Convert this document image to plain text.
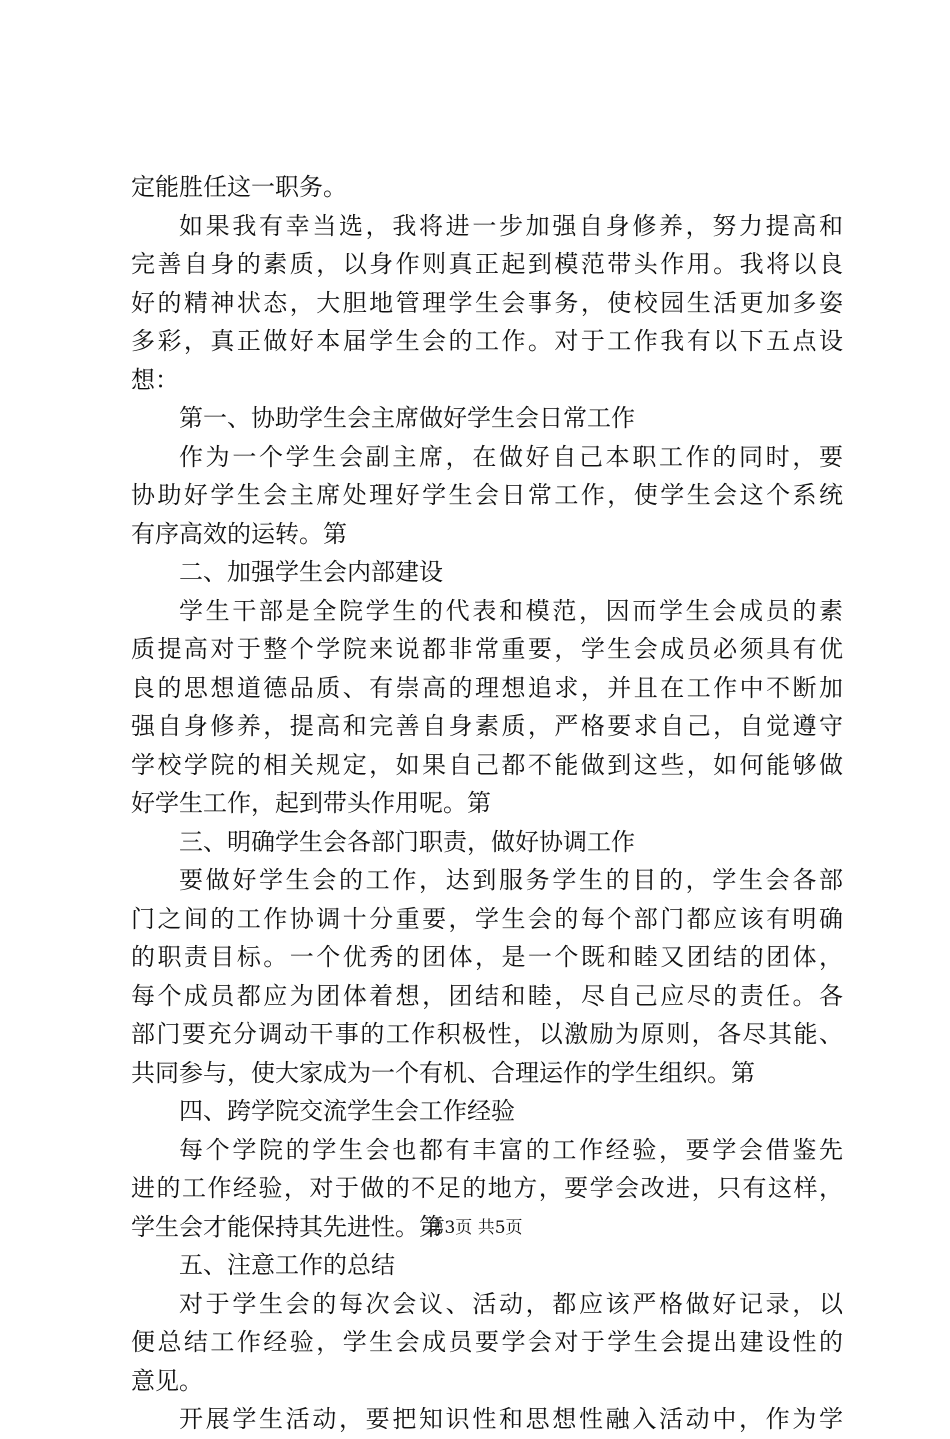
定能胜任这一职务。
如果我有幸当选，我将进一步加强自身修养，努力提高和
完善自身的素质，以身作则真正起到模范带头作用。我将以良
好的精神状态，大胆地管理学生会事务，使校园生活更加多姿
多彩，真正做好本届学生会的工作。对于工作我有以下五点设
想：
第一、协助学生会主席做好学生会日常工作
作为一个学生会副主席，在做好自己本职工作的同时，要
协助好学生会主席处理好学生会日常工作，使学生会这个系统
有序高效的运转。第
二、加强学生会内部建设
学生干部是全院学生的代表和模范，因而学生会成员的素
质提高对于整个学院来说都非常重要，学生会成员必须具有优
良的思想道德品质、有崇高的理想追求，并且在工作中不断加
强自身修养，提高和完善自身素质，严格要求自己，自觉遵守
学校学院的相关规定，如果自己都不能做到这些，如何能够做
好学生工作，起到带头作用呢。第
三、明确学生会各部门职责，做好协调工作
要做好学生会的工作，达到服务学生的目的，学生会各部
门之间的工作协调十分重要，学生会的每个部门都应该有明确
的职责目标。一个优秀的团体，是一个既和睦又团结的团体，
每个成员都应为团体着想，团结和睦，尽自己应尽的责任。各
部门要充分调动干事的工作积极性，以激励为原则，各尽其能、
共同参与，使大家成为一个有机、合理运作的学生组织。第
四、跨学院交流学生会工作经验
每个学院的学生会也都有丰富的工作经验，要学会借鉴先
进的工作经验，对于做的不足的地方，要学会改进，只有这样，
学生会才能保持其先进性。第
五、注意工作的总结
对于学生会的每次会议、活动，都应该严格做好记录，以
便总结工作经验，学生会成员要学会对于学生会提出建设性的
意见。
开展学生活动，要把知识性和思想性融入活动中，作为学
第3页 共5页
